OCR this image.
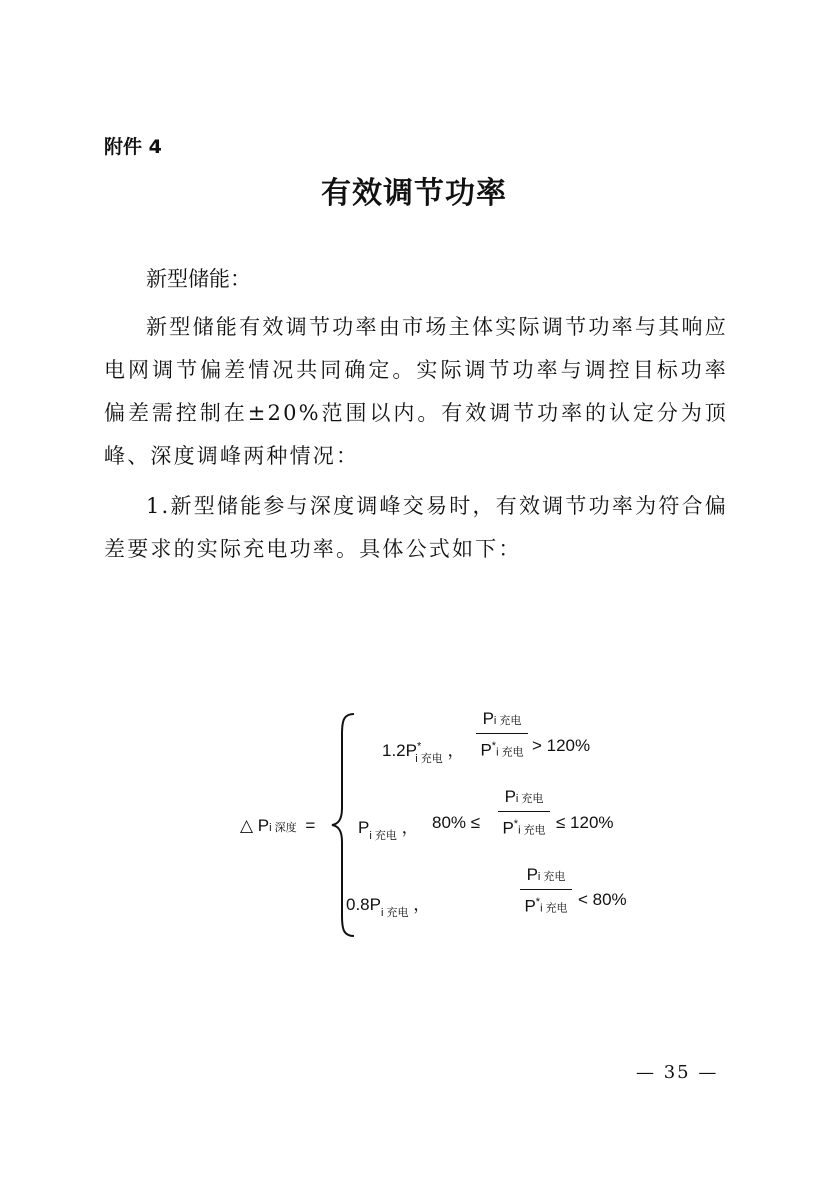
附件 4
有效调节功率
新型储能：
新型储能有效调节功率由市场主体实际调节功率与其响应电网调节偏差情况共同确定。实际调节功率与调控目标功率偏差需控制在±20%范围以内。有效调节功率的认定分为顶峰、深度调峰两种情况：
1.新型储能参与深度调峰交易时，有效调节功率为符合偏差要求的实际充电功率。具体公式如下：
△ Pi 深度 =
$1.2P^*_{i 充电}$ ，
Pi 充电
P*i 充电 > 120%
$P_{i 充电}$ ， 80% ≤
Pi 充电
P*i 充电 ≤ 120%
$0.8P_{i 充电}$ ，
Pi 充电
P*i 充电
< 80%
— 35 —
